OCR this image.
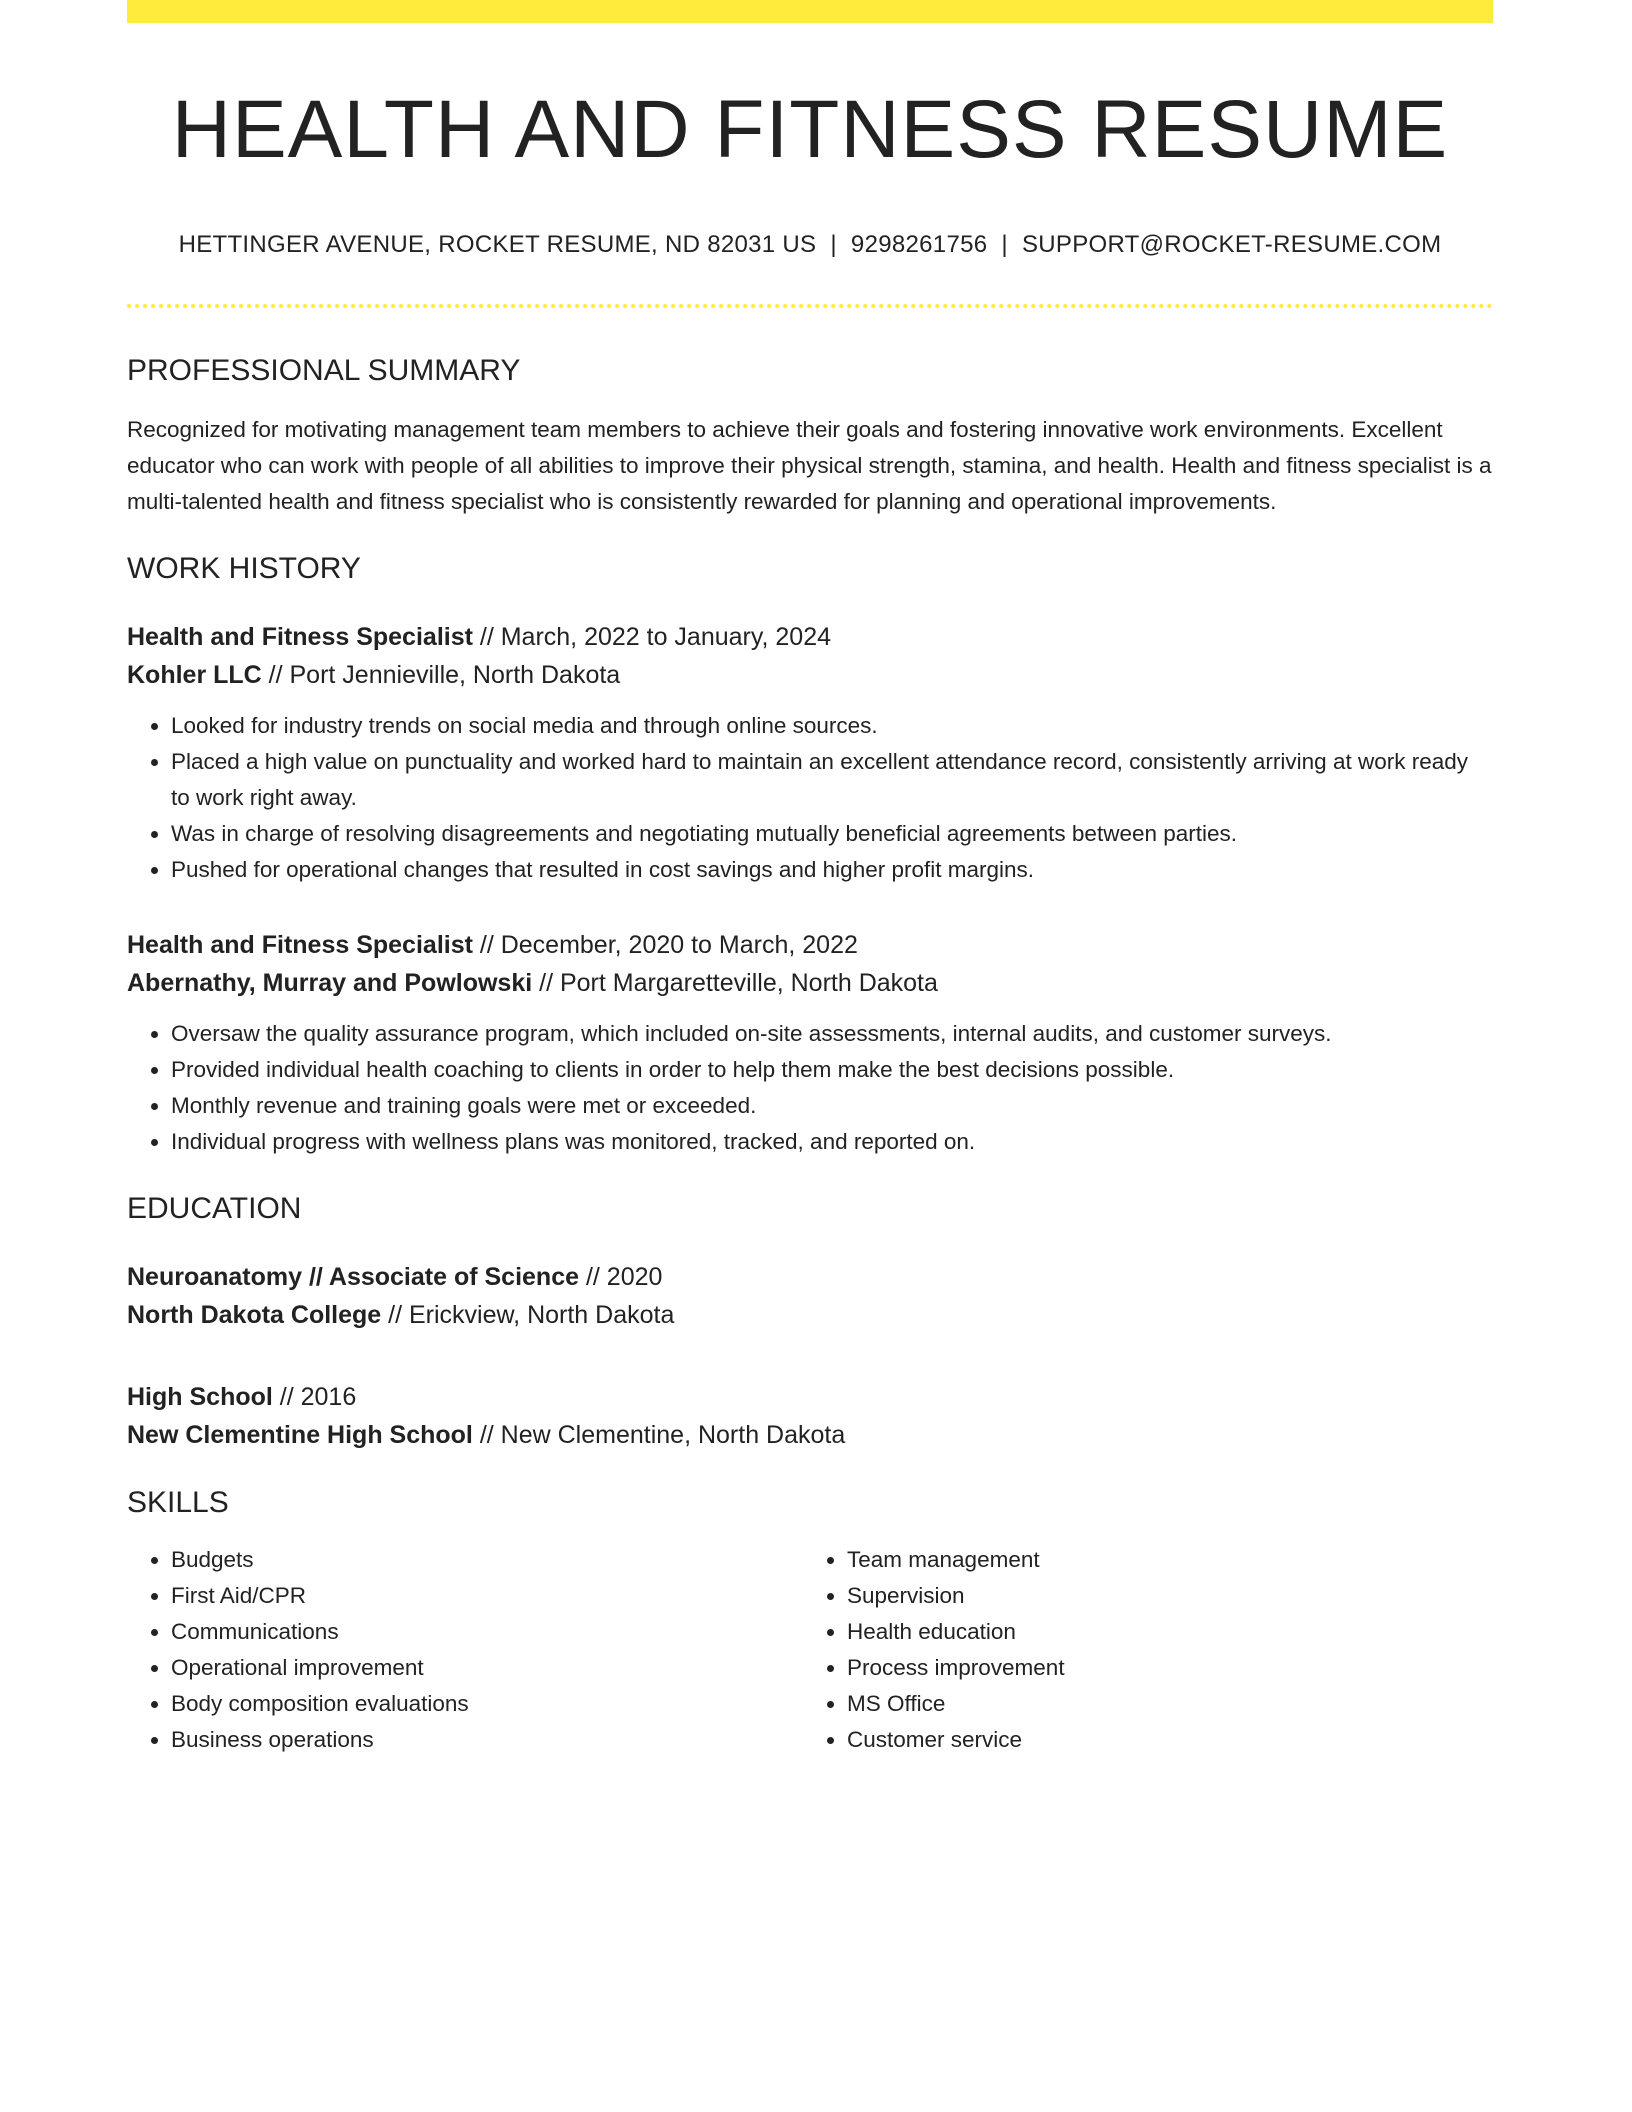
HEALTH AND FITNESS RESUME
HETTINGER AVENUE, ROCKET RESUME, ND 82031 US | 9298261756 | SUPPORT@ROCKET-RESUME.COM
PROFESSIONAL SUMMARY
Recognized for motivating management team members to achieve their goals and fostering innovative work environments. Excellent educator who can work with people of all abilities to improve their physical strength, stamina, and health. Health and fitness specialist is a multi-talented health and fitness specialist who is consistently rewarded for planning and operational improvements.
WORK HISTORY
Health and Fitness Specialist // March, 2022 to January, 2024
Kohler LLC // Port Jennieville, North Dakota
• Looked for industry trends on social media and through online sources.
• Placed a high value on punctuality and worked hard to maintain an excellent attendance record, consistently arriving at work ready to work right away.
• Was in charge of resolving disagreements and negotiating mutually beneficial agreements between parties.
• Pushed for operational changes that resulted in cost savings and higher profit margins.
Health and Fitness Specialist // December, 2020 to March, 2022
Abernathy, Murray and Powlowski // Port Margaretteville, North Dakota
• Oversaw the quality assurance program, which included on-site assessments, internal audits, and customer surveys.
• Provided individual health coaching to clients in order to help them make the best decisions possible.
• Monthly revenue and training goals were met or exceeded.
• Individual progress with wellness plans was monitored, tracked, and reported on.
EDUCATION
Neuroanatomy // Associate of Science // 2020
North Dakota College // Erickview, North Dakota
High School // 2016
New Clementine High School // New Clementine, North Dakota
SKILLS
• Budgets
• First Aid/CPR
• Communications
• Operational improvement
• Body composition evaluations
• Business operations
• Team management
• Supervision
• Health education
• Process improvement
• MS Office
• Customer service
